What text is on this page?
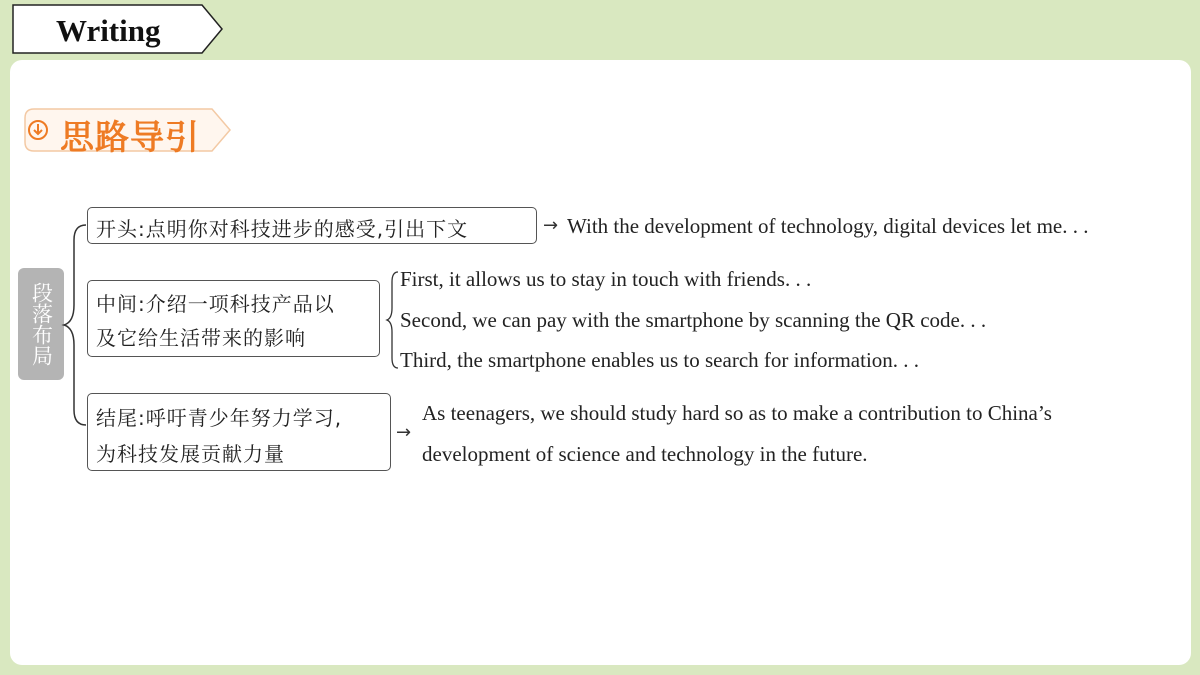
Writing
思路导引
段落布局
开头:点明你对科技进步的感受,引出下文	→ With the development of technology, digital devices let me. . .
中间:介绍一项科技产品以
及它给生活带来的影响
First, it allows us to stay in touch with friends. . .
Second, we can pay with the smartphone by scanning the QR code. . .
Third, the smartphone enables us to search for information. . .
结尾:呼吁青少年努力学习,
为科技发展贡献力量
→
As teenagers, we should study hard so as to make a contribution to China’s
development of science and technology in the future.
